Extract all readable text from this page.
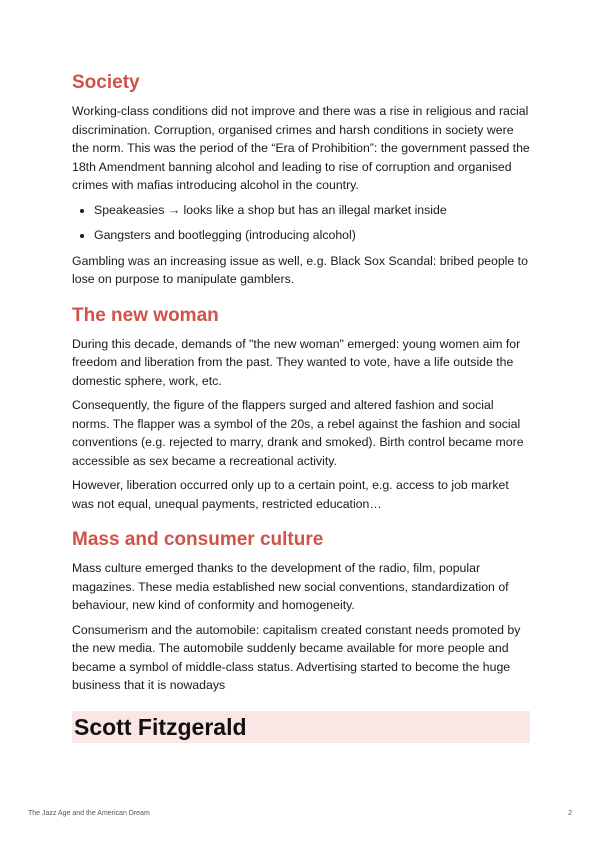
Society

Working-class conditions did not improve and there was a rise in religious and racial discrimination. Corruption, organised crimes and harsh conditions in society were the norm. This was the period of the “Era of Prohibition”: the government passed the 18th Amendment banning alcohol and leading to rise of corruption and organised crimes with mafias introducing alcohol in the country.

• Speakeasies → looks like a shop but has an illegal market inside
• Gangsters and bootlegging (introducing alcohol)

Gambling was an increasing issue as well, e.g. Black Sox Scandal: bribed people to lose on purpose to manipulate gamblers.

The new woman

During this decade, demands of "the new woman" emerged: young women aim for freedom and liberation from the past. They wanted to vote, have a life outside the domestic sphere, work, etc.

Consequently, the figure of the flappers surged and altered fashion and social norms. The flapper was a symbol of the 20s, a rebel against the fashion and social conventions (e.g. rejected to marry, drank and smoked). Birth control became more accessible as sex became a recreational activity.

However, liberation occurred only up to a certain point, e.g. access to job market was not equal, unequal payments, restricted education…

Mass and consumer culture

Mass culture emerged thanks to the development of the radio, film, popular magazines. These media established new social conventions, standardization of behaviour, new kind of conformity and homogeneity.

Consumerism and the automobile: capitalism created constant needs promoted by the new media. The automobile suddenly became available for more people and became a symbol of middle-class status. Advertising started to become the huge business that it is nowadays

Scott Fitzgerald
The Jazz Age and the American Dream	2
